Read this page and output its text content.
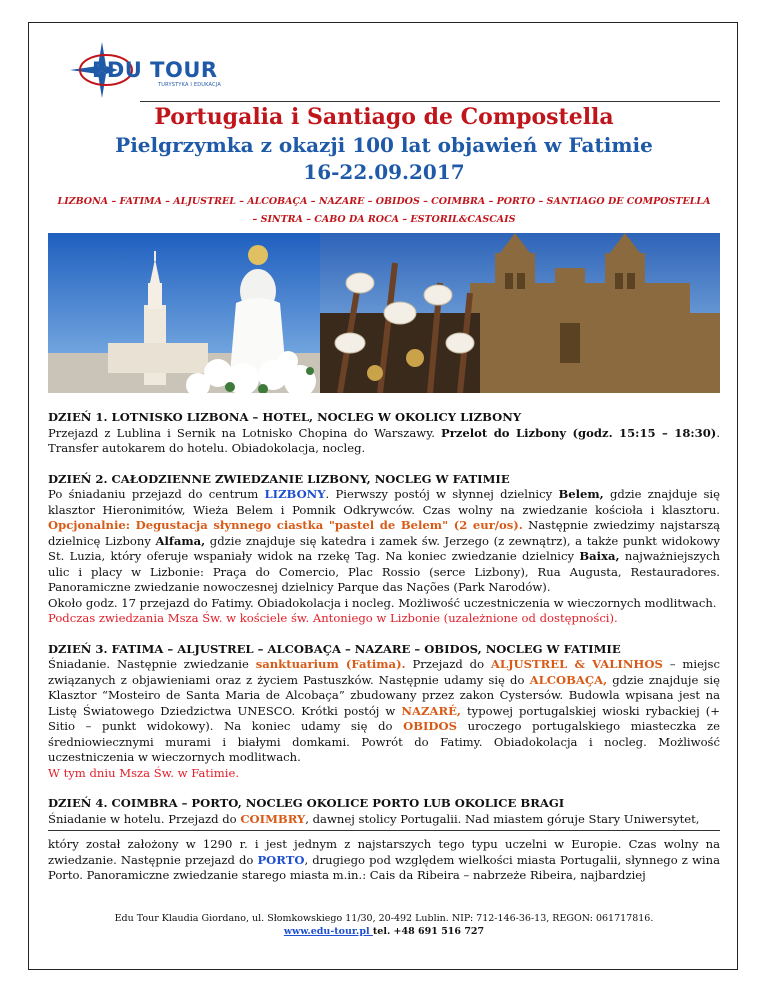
EDU TOUR
TURYSTYKA I EDUKACJA
Portugalia i Santiago de Compostella
Pielgrzymka z okazji 100 lat objawień w Fatimie
16-22.09.2017
LIZBONA – FATIMA – ALJUSTREL – ALCOBAÇA – NAZARE – OBIDOS – COIMBRA – PORTO – SANTIAGO DE COMPOSTELLA
– SINTRA – CABO DA ROCA – ESTORIL&CASCAIS
DZIEŃ 1. LOTNISKO LIZBONA – HOTEL, NOCLEG W OKOLICY LIZBONY
Przejazd z Lublina i Sernik na Lotnisko Chopina do Warszawy. Przelot do Lizbony (godz. 15:15 – 18:30). Transfer autokarem do hotelu. Obiadokolacja, nocleg.
DZIEŃ 2. CAŁODZIENNE ZWIEDZANIE LIZBONY, NOCLEG W FATIMIE
Po śniadaniu przejazd do centrum LIZBONY. Pierwszy postój w słynnej dzielnicy Belem, gdzie znajduje się klasztor Hieronimitów, Wieża Belem i Pomnik Odkrywców. Czas wolny na zwiedzanie kościoła i klasztoru. Opcjonalnie: Degustacja słynnego ciastka "pastel de Belem" (2 eur/os). Następnie zwiedzimy najstarszą dzielnicę Lizbony Alfama, gdzie znajduje się katedra i zamek św. Jerzego (z zewnątrz), a także punkt widokowy St. Luzia, który oferuje wspaniały widok na rzekę Tag. Na koniec zwiedzanie dzielnicy Baixa, najważniejszych ulic i placy w Lizbonie: Praça do Comercio, Plac Rossio (serce Lizbony), Rua Augusta, Restauradores. Panoramiczne zwiedzanie nowoczesnej dzielnicy Parque das Nações (Park Narodów).
Około godz. 17 przejazd do Fatimy. Obiadokolacja i nocleg. Możliwość uczestniczenia w wieczornych modlitwach. Podczas zwiedzania Msza Św. w kościele św. Antoniego w Lizbonie (uzależnione od dostępności).
DZIEŃ 3. FATIMA – ALJUSTREL – ALCOBAÇA – NAZARE – OBIDOS, NOCLEG W FATIMIE
Śniadanie. Następnie zwiedzanie sanktuarium (Fatima). Przejazd do ALJUSTREL & VALINHOS – miejsc związanych z objawieniami oraz z życiem Pastuszków. Następnie udamy się do ALCOBAÇA, gdzie znajduje się Klasztor “Mosteiro de Santa Maria de Alcobaça” zbudowany przez zakon Cystersów. Budowla wpisana jest na Listę Światowego Dziedzictwa UNESCO. Krótki postój w NAZARÉ, typowej portugalskiej wioski rybackiej (+ Sitio – punkt widokowy). Na koniec udamy się do OBIDOS uroczego portugalskiego miasteczka ze średniowiecznymi murami i białymi domkami. Powrót do Fatimy. Obiadokolacja i nocleg. Możliwość uczestniczenia w wieczornych modlitwach.
W tym dniu Msza Św. w Fatimie.
DZIEŃ 4. COIMBRA – PORTO, NOCLEG OKOLICE PORTO LUB OKOLICE BRAGI
Śniadanie w hotelu. Przejazd do COIMBRY, dawnej stolicy Portugalii. Nad miastem góruje Stary Uniwersytet,
który został założony w 1290 r. i jest jednym z najstarszych tego typu uczelni w Europie. Czas wolny na zwiedzanie. Następnie przejazd do PORTO, drugiego pod względem wielkości miasta Portugalii, słynnego z wina Porto. Panoramiczne zwiedzanie starego miasta m.in.: Cais da Ribeira – nabrzeże Ribeira, najbardziej
Edu Tour Klaudia Giordano, ul. Słomkowskiego 11/30, 20-492 Lublin. NIP: 712-146-36-13, REGON: 061717816.
www.edu-tour.pl tel. +48 691 516 727
